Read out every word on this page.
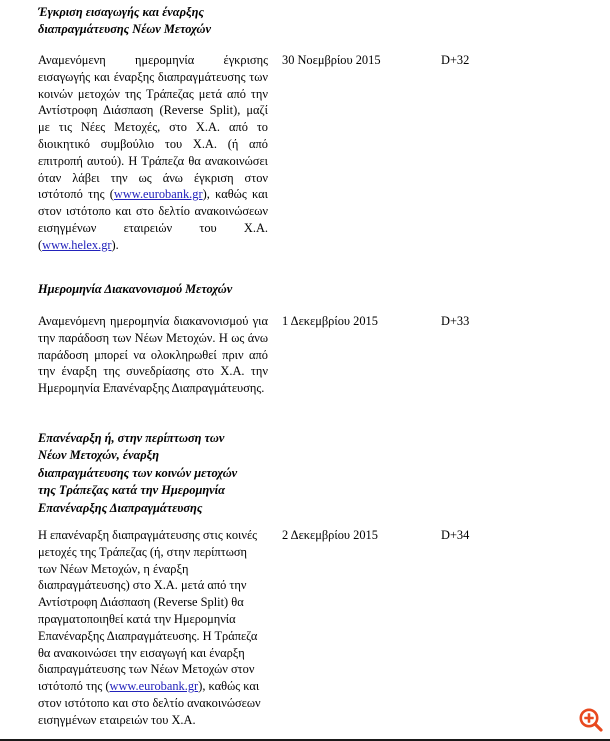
Έγκριση εισαγωγής και έναρξης διαπραγμάτευσης Νέων Μετοχών
Αναμενόμενη ημερομηνία έγκρισης εισαγωγής και έναρξης διαπραγμάτευσης των κοινών μετοχών της Τράπεζας μετά από την Αντίστροφη Διάσπαση (Reverse Split), μαζί με τις Νέες Μετοχές, στο Χ.Α. από το διοικητικό συμβούλιο του Χ.Α. (ή από επιτροπή αυτού). Η Τράπεζα θα ανακοινώσει όταν λάβει την ως άνω έγκριση στον ιστότοπό της (www.eurobank.gr), καθώς και στον ιστότοπο και στο δελτίο ανακοινώσεων εισηγμένων εταιρειών του Χ.Α. (www.helex.gr).
30 Νοεμβρίου 2015	D+32
Ημερομηνία Διακανονισμού Μετοχών
Αναμενόμενη ημερομηνία διακανονισμού για την παράδοση των Νέων Μετοχών. Η ως άνω παράδοση μπορεί να ολοκληρωθεί πριν από την έναρξη της συνεδρίασης στο Χ.Α. την Ημερομηνία Επανέναρξης Διαπραγμάτευσης.
1 Δεκεμβρίου 2015	D+33
Επανέναρξη ή, στην περίπτωση των Νέων Μετοχών, έναρξη διαπραγμάτευσης των κοινών μετοχών της Τράπεζας κατά την Ημερομηνία Επανέναρξης Διαπραγμάτευσης
Η επανέναρξη διαπραγμάτευσης στις κοινές μετοχές της Τράπεζας (ή, στην περίπτωση των Νέων Μετοχών, η έναρξη διαπραγμάτευσης) στο Χ.Α. μετά από την Αντίστροφη Διάσπαση (Reverse Split) θα πραγματοποιηθεί κατά την Ημερομηνία Επανέναρξης Διαπραγμάτευσης. Η Τράπεζα θα ανακοινώσει την εισαγωγή και έναρξη διαπραγμάτευσης των Νέων Μετοχών στον ιστότοπό της (www.eurobank.gr), καθώς και στον ιστότοπο και στο δελτίο ανακοινώσεων εισηγμένων εταιρειών του Χ.Α.
2 Δεκεμβρίου 2015	D+34
